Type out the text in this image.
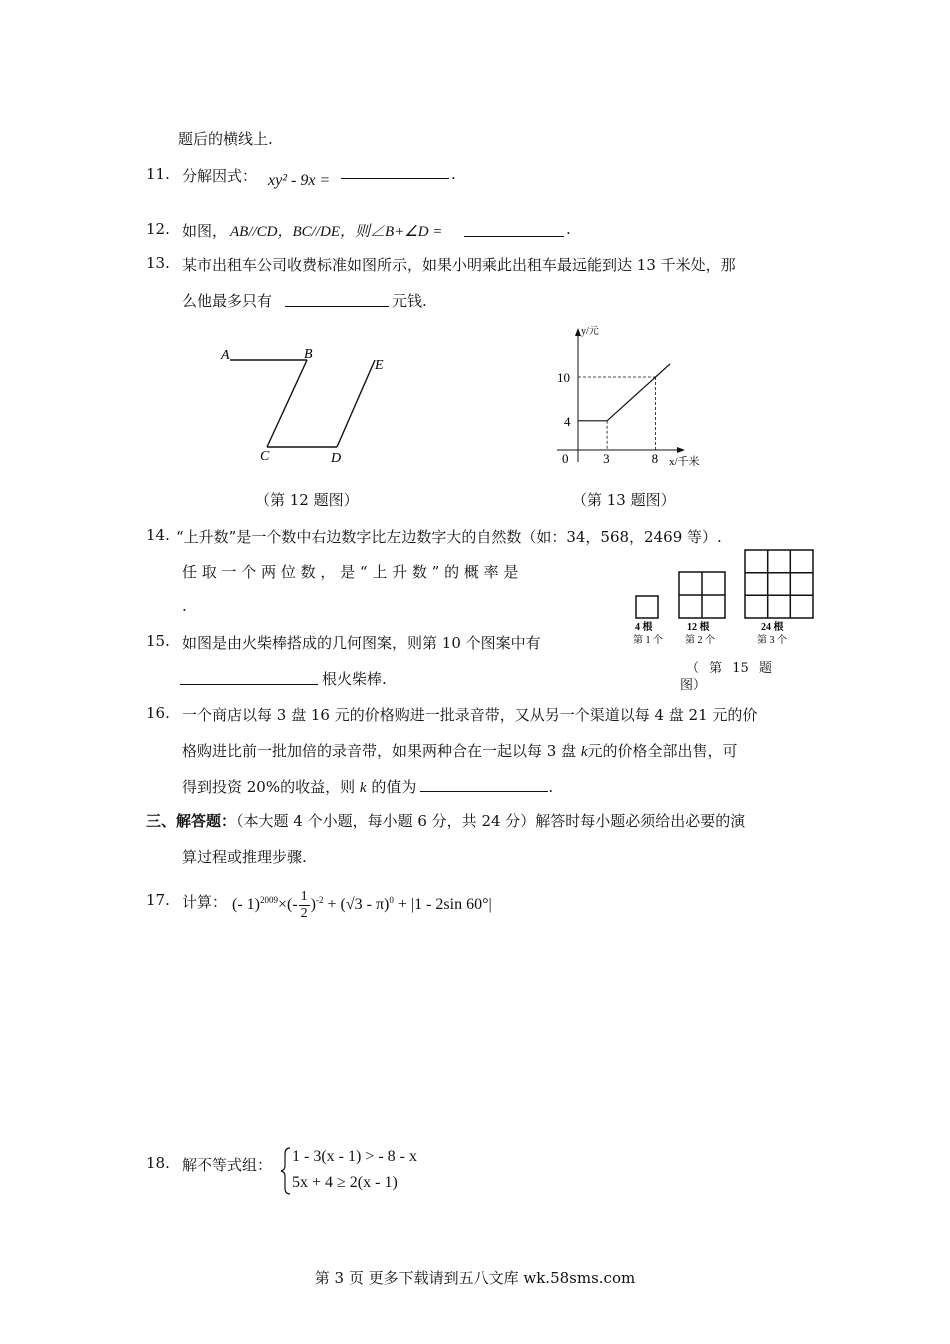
题后的横线上.
11. 分解因式： xy² - 9x =	.
12. 如图， AB//CD，BC//DE，则∠B+∠D =	.
13. 某市出租车公司收费标准如图所示，如果小明乘此出租车最远能到达 13 千米处，那
么他最多只有	元钱.
A	B
C	D
E
（第 12 题图）
y/元
x/千米
0	3	8
4
10
（第 13 题图）
14. “上升数”是一个数中右边数字比左边数字大的自然数（如：34，568，2469 等）.
任 取 一 个 两 位 数 ， 是 “ 上 升 数 ” 的 概 率 是
.
4 根
第 1 个
12 根
第 2 个
24 根
第 3 个
（ 第 15 题
图）
15. 如图是由火柴棒搭成的几何图案，则第 10 个图案中有
根火柴棒.
16. 一个商店以每 3 盘 16 元的价格购进一批录音带，又从另一个渠道以每 4 盘 21 元的价
格购进比前一批加倍的录音带，如果两种合在一起以每 3 盘 k元的价格全部出售，可
得到投资 20%的收益，则 k 的值为	.
三、解答题：（本大题 4 个小题，每小题 6 分，共 24 分）解答时每小题必须给出必要的演
算过程或推理步骤.
17. 计算： (- $1)^{2009}\times(- \frac{1}{2} )^{-2} + (√3 - \pi)^0 + |1 - 2\sin$ 60°|
18. 解不等式组： 1 - 3(x - 1) > - 8 - x
5x + 4 ≥ 2(x - 1)
第 3 页 更多下载请到五八文库 wk.58sms.com
